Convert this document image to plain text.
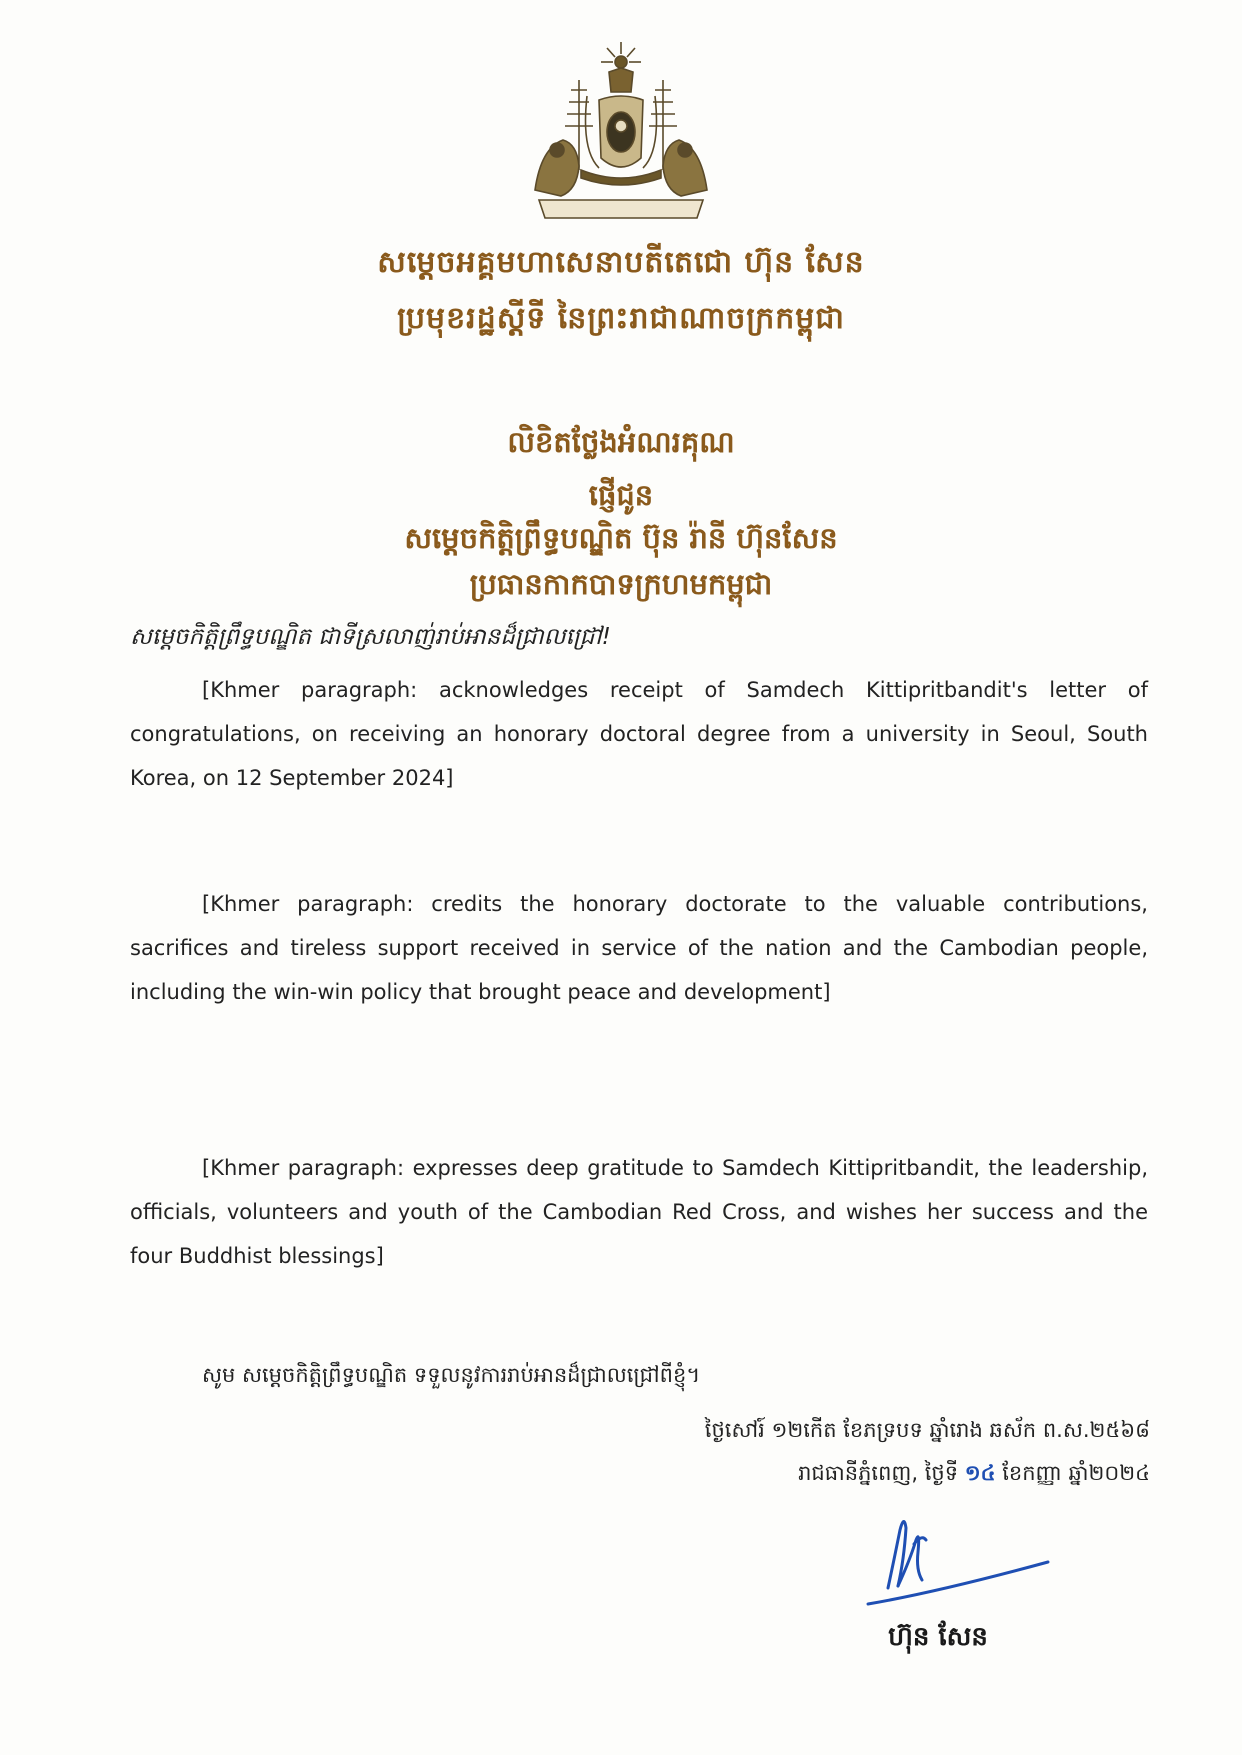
សម្តេចអគ្គមហាសេនាបតីតេជោ ហ៊ុន សែន
ប្រមុខរដ្ឋស្តីទី នៃព្រះរាជាណាចក្រកម្ពុជា
លិខិតថ្លែងអំណរគុណ
ផ្ញើជូន
សម្តេចកិត្តិព្រឹទ្ធបណ្ឌិត ប៊ុន រ៉ានី ហ៊ុនសែន
ប្រធានកាកបាទក្រហមកម្ពុជា
សម្តេចកិត្តិព្រឹទ្ធបណ្ឌិត ជាទីស្រលាញ់រាប់អានដ៏ជ្រាលជ្រៅ!
[Khmer paragraph: acknowledges receipt of Samdech Kittipritbandit's letter of congratulations, on receiving an honorary doctoral degree from a university in Seoul, South Korea, on 12 September 2024]
[Khmer paragraph: credits the honorary doctorate to the valuable contributions, sacrifices and tireless support received in service of the nation and the Cambodian people, including the win-win policy that brought peace and development]
[Khmer paragraph: expresses deep gratitude to Samdech Kittipritbandit, the leadership, officials, volunteers and youth of the Cambodian Red Cross, and wishes her success and the four Buddhist blessings]
សូម សម្តេចកិត្តិព្រឹទ្ធបណ្ឌិត ទទួលនូវការរាប់អានដ៏ជ្រាលជ្រៅពីខ្ញុំ។
ថ្ងៃសៅរ៍ ១២កើត ខែភទ្របទ ឆ្នាំរោង ឆស័ក ព.ស.២៥៦៨
រាជធានីភ្នំពេញ, ថ្ងៃទី ១៤ ខែកញ្ញា ឆ្នាំ២០២៤
ហ៊ុន សែន
